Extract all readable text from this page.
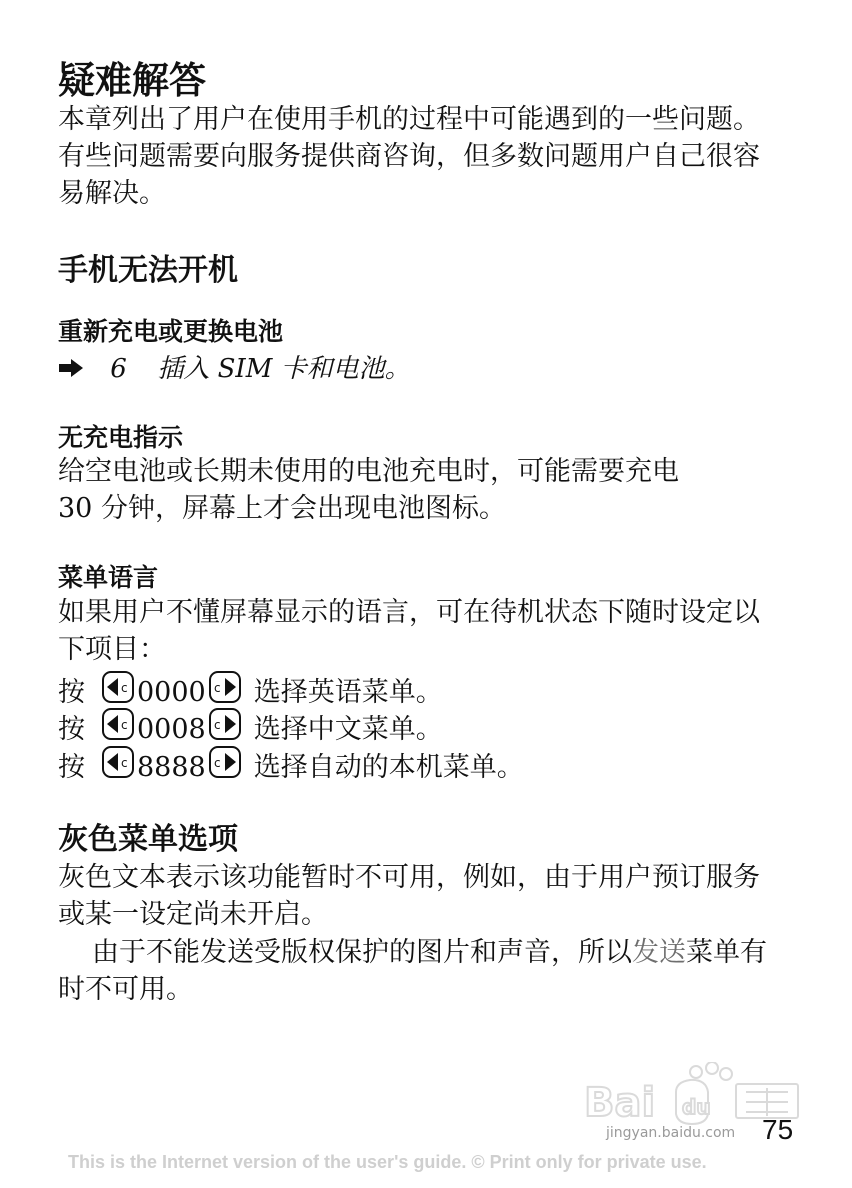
疑难解答
本章列出了用户在使用手机的过程中可能遇到的一些问题。有些问题需要向服务提供商咨询，但多数问题用户自己很容易解决。
手机无法开机
重新充电或更换电池
6 插入 SIM 卡和电池。
无充电指示
给空电池或长期未使用的电池充电时，可能需要充电
30 分钟，屏幕上才会出现电池图标。
菜单语言
如果用户不懂屏幕显示的语言，可在待机状态下随时设定以下项目：
按	c 0000 c 选择英语菜单。
按	c 0008 c 选择中文菜单。
按	c 8888 c 选择自动的本机菜单。
灰色菜单选项
灰色文本表示该功能暂时不可用，例如，由于用户预订服务或某一设定尚未开启。
由于不能发送受版权保护的图片和声音，所以发送菜单有时不可用。
Bai du
jingyan.baidu.com 75
This is the Internet version of the user's guide. © Print only for private use.
